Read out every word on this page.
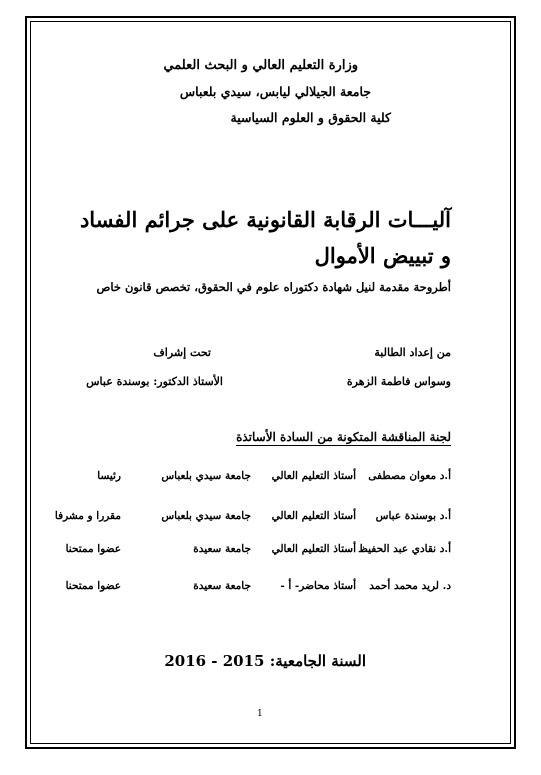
وزارة التعليم العالي و البحث العلمي
جامعة الجيلالي ليابس، سيدي بلعباس
كلية الحقوق و العلوم السياسية
آليـــات الرقابة القانونية على جرائم الفساد
و تبييض الأموال
أطروحة مقدمة لنيل شهادة دكتوراه علوم في الحقوق، تخصص قانون خاص
من إعداد الطالبة
تحت إشراف
وسواس فاطمة الزهرة
الأستاذ الدكتور: بوسندة عباس
لجنة المناقشة المتكونة من السادة الأساتذة
أ.د معوان مصطفى
أستاذ التعليم العالي
جامعة سيدي بلعباس
رئيسا
أ.د بوسندة عباس
أستاذ التعليم العالي
جامعة سيدي بلعباس
مقررا و مشرفا
أ.د نقادي عبد الحفيظ
أستاذ التعليم العالي
جامعة سعيدة
عضوا ممتحنا
د. لريد محمد أحمد
أستاذ محاضر- أ -
جامعة سعيدة
عضوا ممتحنا
السنة الجامعية: 2015 - 2016
1
